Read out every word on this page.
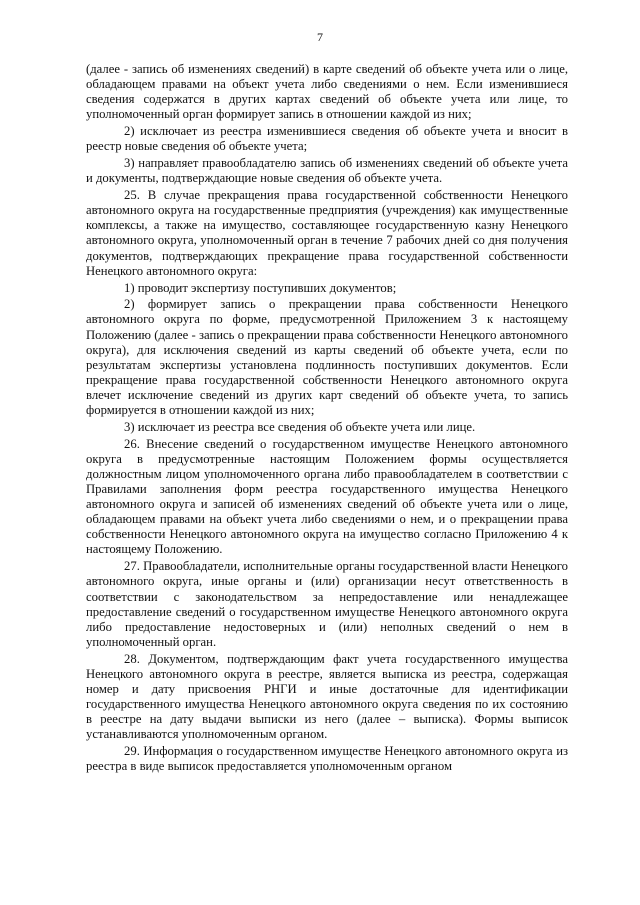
7

(далее - запись об изменениях сведений) в карте сведений об объекте учета или о лице, обладающем правами на объект учета либо сведениями о нем. Если изменившиеся сведения содержатся в других картах сведений об объекте учета или лице, то уполномоченный орган формирует запись в отношении каждой из них;

2) исключает из реестра изменившиеся сведения об объекте учета и вносит в реестр новые сведения об объекте учета;

3) направляет правообладателю запись об изменениях сведений об объекте учета и документы, подтверждающие новые сведения об объекте учета.

25. В случае прекращения права государственной собственности Ненецкого автономного округа на государственные предприятия (учреждения) как имущественные комплексы, а также на имущество, составляющее государственную казну Ненецкого автономного округа, уполномоченный орган в течение 7 рабочих дней со дня получения документов, подтверждающих прекращение права государственной собственности Ненецкого автономного округа:

1) проводит экспертизу поступивших документов;

2) формирует запись о прекращении права собственности Ненецкого автономного округа по форме, предусмотренной Приложением 3 к настоящему Положению (далее - запись о прекращении права собственности Ненецкого автономного округа), для исключения сведений из карты сведений об объекте учета, если по результатам экспертизы установлена подлинность поступивших документов. Если прекращение права государственной собственности Ненецкого автономного округа влечет исключение сведений из других карт сведений об объекте учета, то запись формируется в отношении каждой из них;

3) исключает из реестра все сведения об объекте учета или лице.

26. Внесение сведений о государственном имуществе Ненецкого автономного округа в предусмотренные настоящим Положением формы осуществляется должностным лицом уполномоченного органа либо правообладателем в соответствии с Правилами заполнения форм реестра государственного имущества Ненецкого автономного округа и записей об изменениях сведений об объекте учета или о лице, обладающем правами на объект учета либо сведениями о нем, и о прекращении права собственности Ненецкого автономного округа на имущество согласно Приложению 4 к настоящему Положению.

27. Правообладатели, исполнительные органы государственной власти Ненецкого автономного округа, иные органы и (или) организации несут ответственность в соответствии с законодательством за непредоставление или ненадлежащее предоставление сведений о государственном имуществе Ненецкого автономного округа либо предоставление недостоверных и (или) неполных сведений о нем в уполномоченный орган.

28. Документом, подтверждающим факт учета государственного имущества Ненецкого автономного округа в реестре, является выписка из реестра, содержащая номер и дату присвоения РНГИ и иные достаточные для идентификации государственного имущества Ненецкого автономного округа сведения по их состоянию в реестре на дату выдачи выписки из него (далее – выписка). Формы выписок устанавливаются уполномоченным органом.

29. Информация о государственном имуществе Ненецкого автономного округа из реестра в виде выписок предоставляется уполномоченным органом
